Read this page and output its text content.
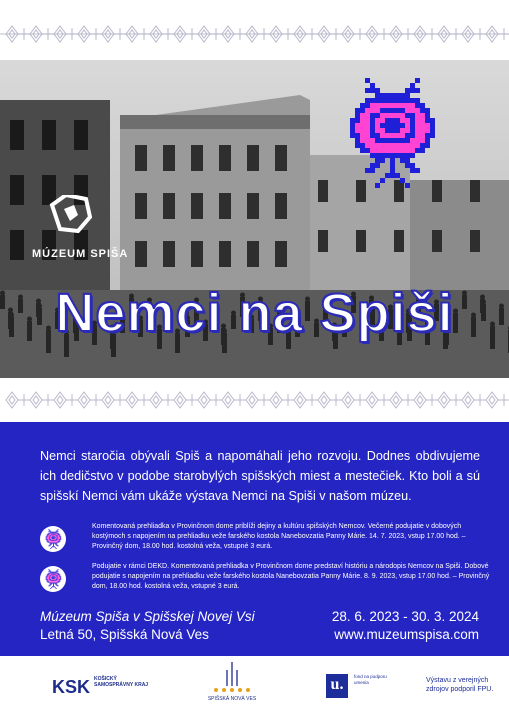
MÚZEUM SPIŠA
Nemci na Spiši

Nemci staročia obývali Spiš a napomáhali jeho rozvoju. Dodnes obdivujeme ich dedičstvo v podobe starobylých spišských miest a mestečiek. Kto boli a sú spišskí Nemci vám ukáže výstava Nemci na Spiši v našom múzeu.

Komentovaná prehliadka v Provinčnom dome priblíži dejiny a kultúru spišských Nemcov. Večerné podujatie v dobových kostýmoch s napojením na prehliadku veže farského kostola Nanebovzatia Panny Márie. 14. 7. 2023, vstup 17.00 hod. – Provinčný dom, 18.00 hod. kostolná veža, vstupné 3 eurá.

Podujatie v rámci DEKD. Komentovaná prehliadka v Provinčnom dome predstaví históriu a národopis Nemcov na Spiši. Dobové podujatie s napojením na prehliadku veže farského kostola Nanebovzatia Panny Márie. 8. 9. 2023, vstup 17.00 hod. – Provinčný dom, 18.00 hod. kostolná veža, vstupné 3 eurá.

Múzeum Spiša v Spišskej Novej Vsi

Letná 50, Spišská Nová Ves

28. 6. 2023 - 30. 3. 2024

www.muzeumspisa.com

KSK KOŠICKÝ SAMOSPRÁVNY KRAJ
SPIŠSKÁ NOVÁ VES
u.	fond na podporu umenia	Výstavu z verejných zdrojov podporil FPU.
